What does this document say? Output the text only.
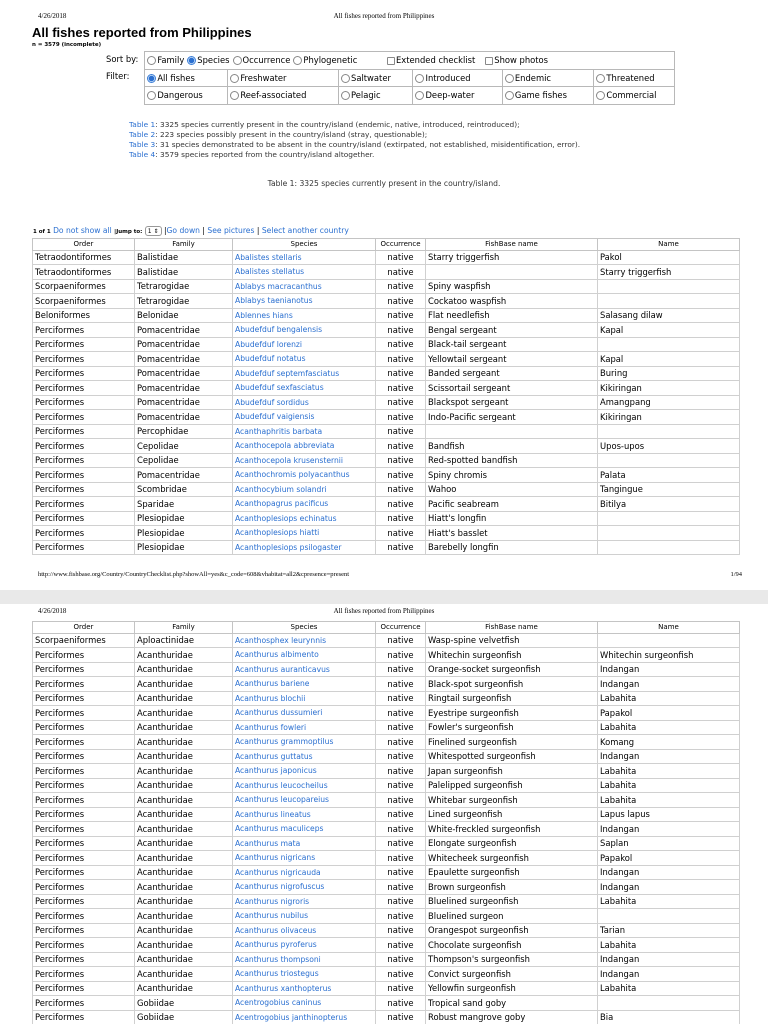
4/26/2018	All fishes reported from Philippines
All fishes reported from Philippines
n = 3579 (incomplete)
Sort by:	Family Species Occurrence Phylogenetic Extended checklist Show photos					
Filter:	All fishes	Freshwater	Saltwater	Introduced	Endemic	Threatened
	Dangerous	Reef-associated	Pelagic	Deep-water	Game fishes	Commercial
Table 1: 3325 species currently present in the country/island (endemic, native, introduced, reintroduced);
Table 2: 223 species possibly present in the country/island (stray, questionable);
Table 3: 31 species demonstrated to be absent in the country/island (extirpated, not established, misidentification, error).
Table 4: 3579 species reported from the country/island altogether.
Table 1: 3325 species currently present in the country/island.
1 of 1 Do not show all |Jump to: 1 ⇕ |Go down | See pictures | Select another country
Order	Family	Species	Occurrence	FishBase name	Name
Tetraodontiformes	Balistidae	Abalistes stellaris	native	Starry triggerfish	Pakol
Tetraodontiformes	Balistidae	Abalistes stellatus	native		Starry triggerfish
Scorpaeniformes	Tetrarogidae	Ablabys macracanthus	native	Spiny waspfish	
Scorpaeniformes	Tetrarogidae	Ablabys taenianotus	native	Cockatoo waspfish	
Beloniformes	Belonidae	Ablennes hians	native	Flat needlefish	Salasang dilaw
Perciformes	Pomacentridae	Abudefduf bengalensis	native	Bengal sergeant	Kapal
Perciformes	Pomacentridae	Abudefduf lorenzi	native	Black-tail sergeant	
Perciformes	Pomacentridae	Abudefduf notatus	native	Yellowtail sergeant	Kapal
Perciformes	Pomacentridae	Abudefduf septemfasciatus	native	Banded sergeant	Buring
Perciformes	Pomacentridae	Abudefduf sexfasciatus	native	Scissortail sergeant	Kikiringan
Perciformes	Pomacentridae	Abudefduf sordidus	native	Blackspot sergeant	Amangpang
Perciformes	Pomacentridae	Abudefduf vaigiensis	native	Indo-Pacific sergeant	Kikiringan
Perciformes	Percophidae	Acanthaphritis barbata	native		
Perciformes	Cepolidae	Acanthocepola abbreviata	native	Bandfish	Upos-upos
Perciformes	Cepolidae	Acanthocepola krusensternii	native	Red-spotted bandfish	
Perciformes	Pomacentridae	Acanthochromis polyacanthus	native	Spiny chromis	Palata
Perciformes	Scombridae	Acanthocybium solandri	native	Wahoo	Tangingue
Perciformes	Sparidae	Acanthopagrus pacificus	native	Pacific seabream	Bitilya
Perciformes	Plesiopidae	Acanthoplesiops echinatus	native	Hiatt's longfin	
Perciformes	Plesiopidae	Acanthoplesiops hiatti	native	Hiatt's basslet	
Perciformes	Plesiopidae	Acanthoplesiops psilogaster	native	Barebelly longfin	
http://www.fishbase.org/Country/CountryChecklist.php?showAll=yes&c_code=608&vhabitat=all2&cpresence=present	1/94
4/26/2018	All fishes reported from Philippines
Order	Family	Species	Occurrence	FishBase name	Name
Scorpaeniformes	Aploactinidae	Acanthosphex leurynnis	native	Wasp-spine velvetfish	
Perciformes	Acanthuridae	Acanthurus albimento	native	Whitechin surgeonfish	Whitechin surgeonfish
Perciformes	Acanthuridae	Acanthurus auranticavus	native	Orange-socket surgeonfish	Indangan
Perciformes	Acanthuridae	Acanthurus bariene	native	Black-spot surgeonfish	Indangan
Perciformes	Acanthuridae	Acanthurus blochii	native	Ringtail surgeonfish	Labahita
Perciformes	Acanthuridae	Acanthurus dussumieri	native	Eyestripe surgeonfish	Papakol
Perciformes	Acanthuridae	Acanthurus fowleri	native	Fowler's surgeonfish	Labahita
Perciformes	Acanthuridae	Acanthurus grammoptilus	native	Finelined surgeonfish	Komang
Perciformes	Acanthuridae	Acanthurus guttatus	native	Whitespotted surgeonfish	Indangan
Perciformes	Acanthuridae	Acanthurus japonicus	native	Japan surgeonfish	Labahita
Perciformes	Acanthuridae	Acanthurus leucocheilus	native	Palelipped surgeonfish	Labahita
Perciformes	Acanthuridae	Acanthurus leucopareius	native	Whitebar surgeonfish	Labahita
Perciformes	Acanthuridae	Acanthurus lineatus	native	Lined surgeonfish	Lapus lapus
Perciformes	Acanthuridae	Acanthurus maculiceps	native	White-freckled surgeonfish	Indangan
Perciformes	Acanthuridae	Acanthurus mata	native	Elongate surgeonfish	Saplan
Perciformes	Acanthuridae	Acanthurus nigricans	native	Whitecheek surgeonfish	Papakol
Perciformes	Acanthuridae	Acanthurus nigricauda	native	Epaulette surgeonfish	Indangan
Perciformes	Acanthuridae	Acanthurus nigrofuscus	native	Brown surgeonfish	Indangan
Perciformes	Acanthuridae	Acanthurus nigroris	native	Bluelined surgeonfish	Labahita
Perciformes	Acanthuridae	Acanthurus nubilus	native	Bluelined surgeon	
Perciformes	Acanthuridae	Acanthurus olivaceus	native	Orangespot surgeonfish	Tarian
Perciformes	Acanthuridae	Acanthurus pyroferus	native	Chocolate surgeonfish	Labahita
Perciformes	Acanthuridae	Acanthurus thompsoni	native	Thompson's surgeonfish	Indangan
Perciformes	Acanthuridae	Acanthurus triostegus	native	Convict surgeonfish	Indangan
Perciformes	Acanthuridae	Acanthurus xanthopterus	native	Yellowfin surgeonfish	Labahita
Perciformes	Gobiidae	Acentrogobius caninus	native	Tropical sand goby	
Perciformes	Gobiidae	Acentrogobius janthinopterus	native	Robust mangrove goby	Bia
